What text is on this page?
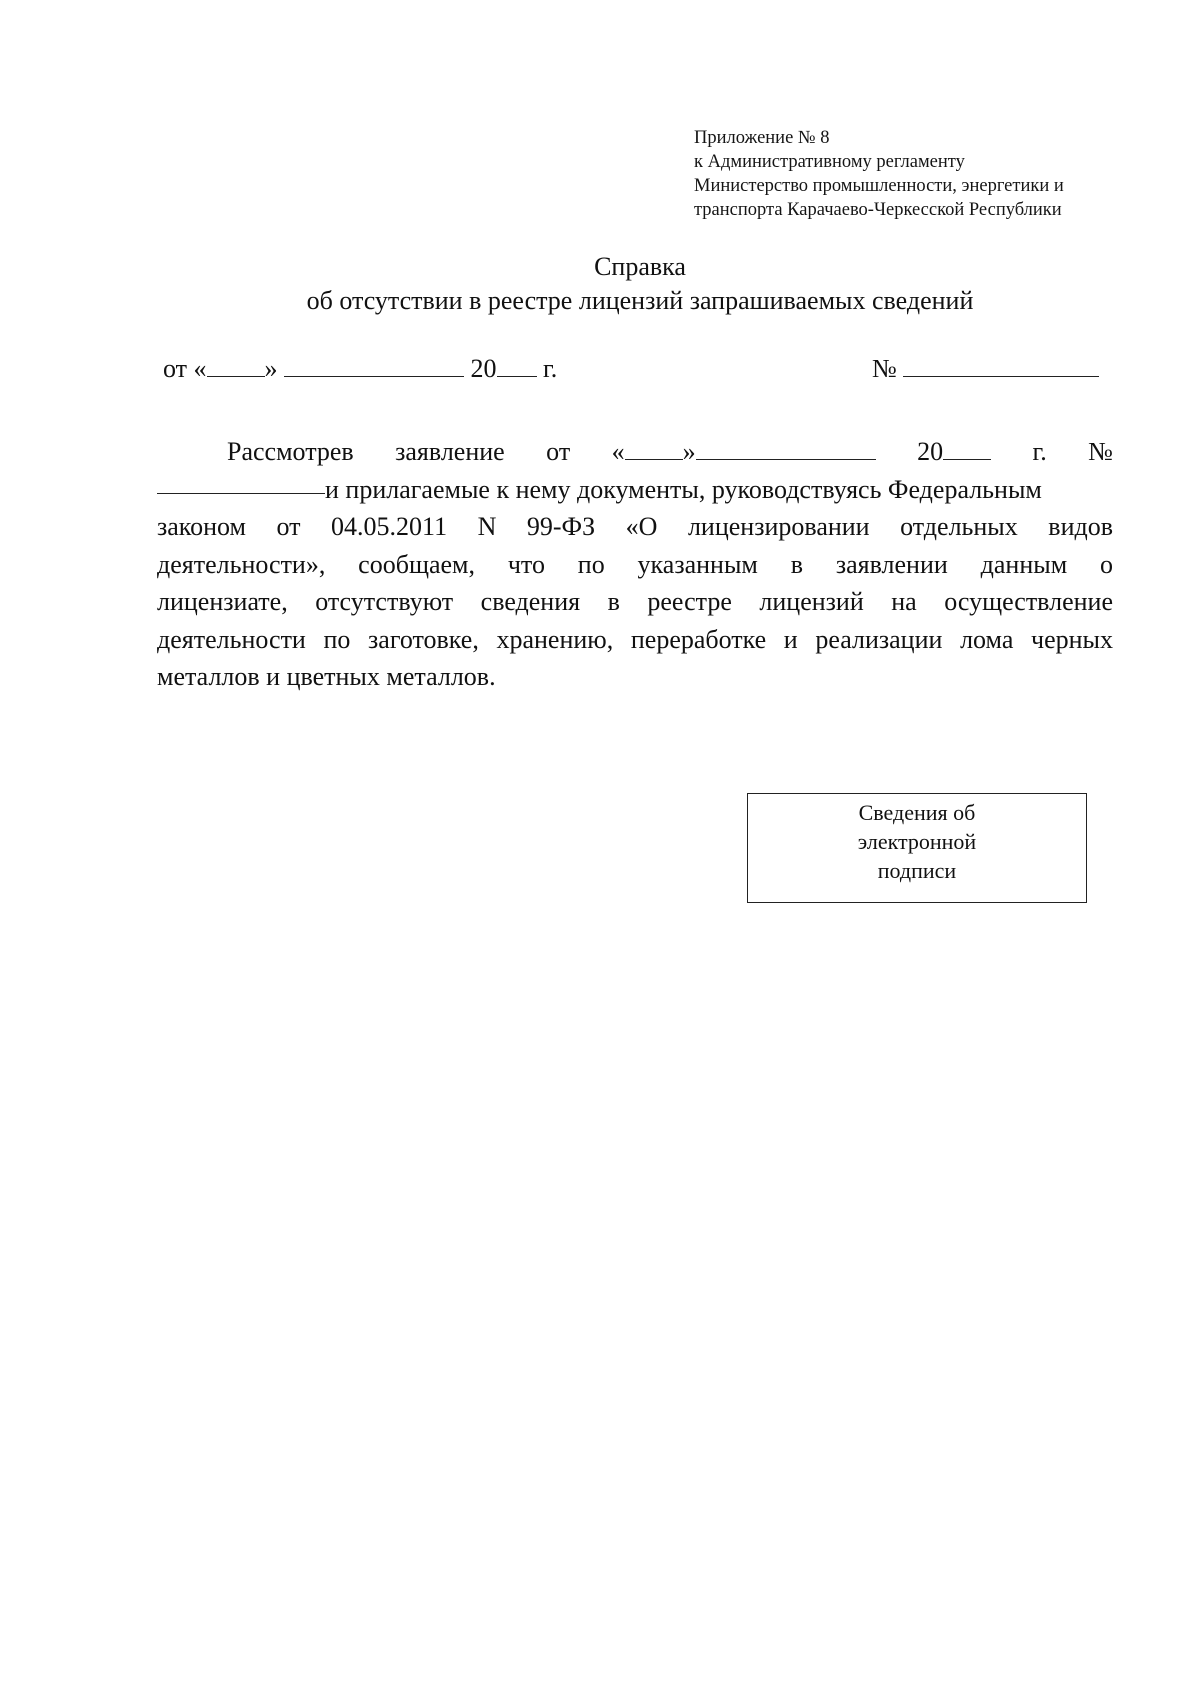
Приложение № 8
к Административному регламенту
Министерство промышленности, энергетики и
транспорта Карачаево-Черкесской Республики
Справка
об отсутствии в реестре лицензий запрашиваемых сведений
от « »	20 г.	№
Рассмотрев заявление от « »	20	г. №
и прилагаемые к нему документы, руководствуясь Федеральным
законом от 04.05.2011 N 99-ФЗ «О лицензировании отдельных видов
деятельности», сообщаем, что по указанным в заявлении данным о
лицензиате, отсутствуют сведения в реестре лицензий на осуществление
деятельности по заготовке, хранению, переработке и реализации лома черных
металлов и цветных металлов.
Сведения об
электронной
подписи
